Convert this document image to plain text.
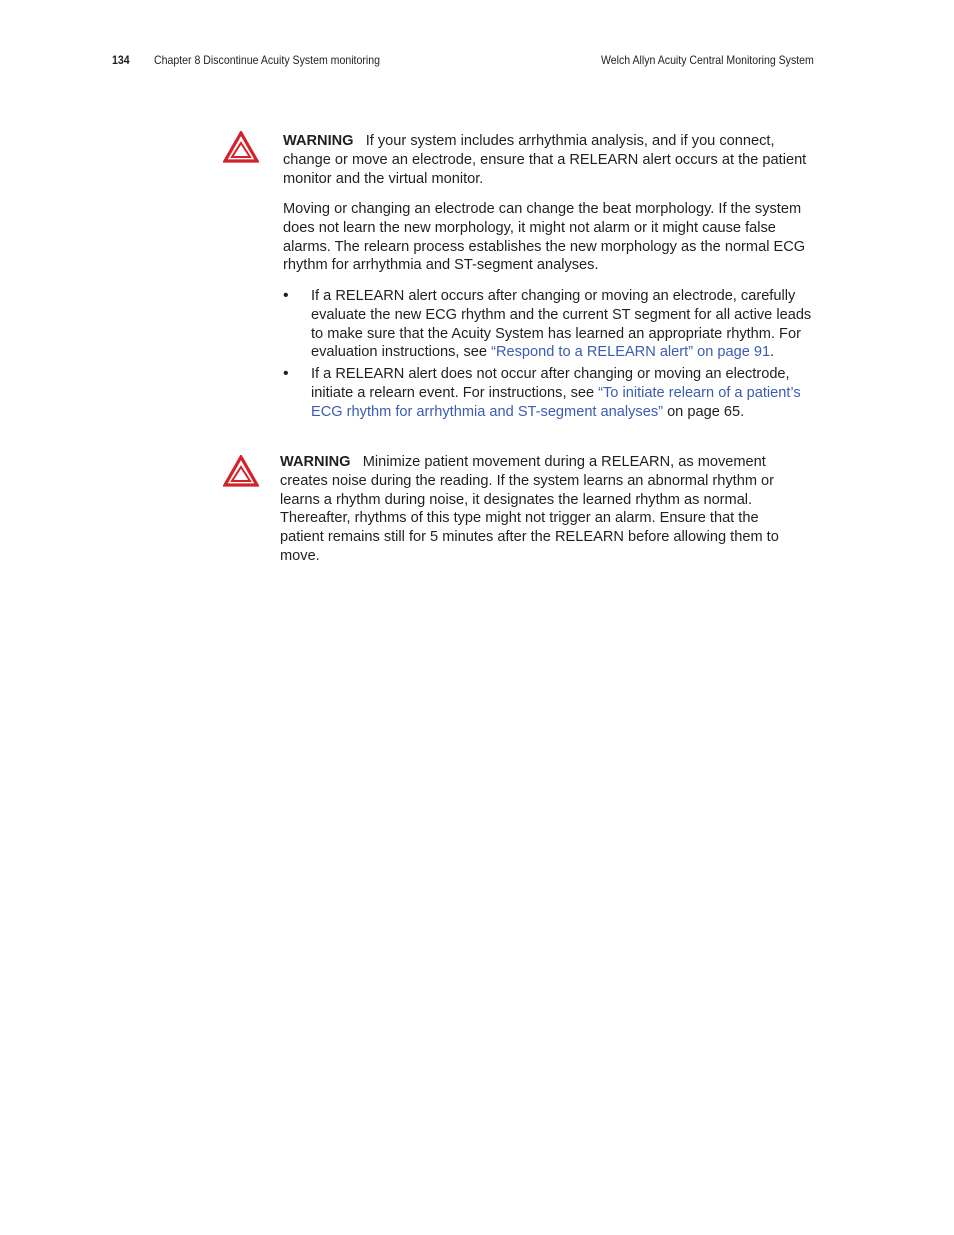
134 Chapter 8 Discontinue Acuity System monitoring	Welch Allyn Acuity Central Monitoring System
WARNING   If your system includes arrhythmia analysis, and if you connect,
change or move an electrode, ensure that a RELEARN alert occurs at the patient
monitor and the virtual monitor.
Moving or changing an electrode can change the beat morphology. If the system
does not learn the new morphology, it might not alarm or it might cause false
alarms. The relearn process establishes the new morphology as the normal ECG
rhythm for arrhythmia and ST-segment analyses.
• If a RELEARN alert occurs after changing or moving an electrode, carefully
evaluate the new ECG rhythm and the current ST segment for all active leads
to make sure that the Acuity System has learned an appropriate rhythm. For
evaluation instructions, see “Respond to a RELEARN alert” on page 91.
• If a RELEARN alert does not occur after changing or moving an electrode,
initiate a relearn event. For instructions, see “To initiate relearn of a patient’s
ECG rhythm for arrhythmia and ST-segment analyses” on page 65.
WARNING   Minimize patient movement during a RELEARN, as movement
creates noise during the reading. If the system learns an abnormal rhythm or
learns a rhythm during noise, it designates the learned rhythm as normal.
Thereafter, rhythms of this type might not trigger an alarm. Ensure that the
patient remains still for 5 minutes after the RELEARN before allowing them to
move.
